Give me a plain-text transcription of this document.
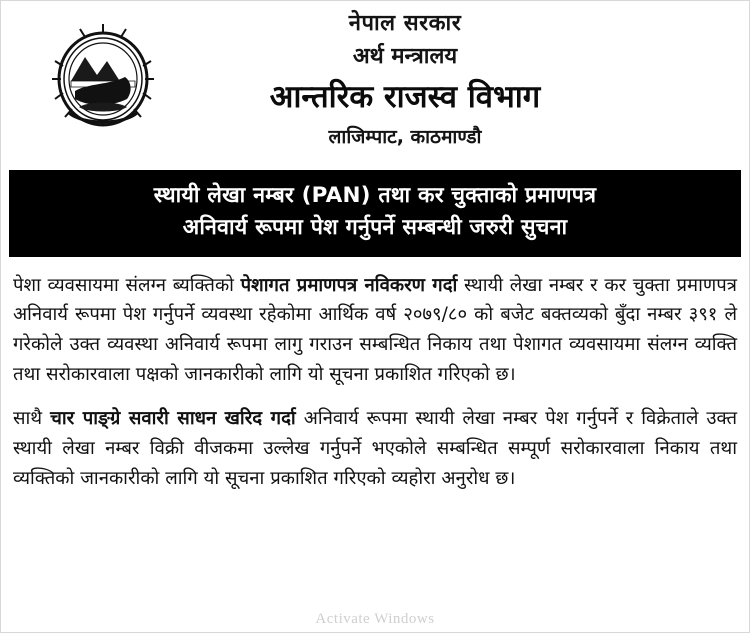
नेपाल सरकार
अर्थ मन्त्रालय
आन्तरिक राजस्व विभाग
लाजिम्पाट, काठमाण्डौ
स्थायी लेखा नम्बर (PAN) तथा कर चुक्ताको प्रमाणपत्र
अनिवार्य रूपमा पेश गर्नुपर्ने सम्बन्धी जरुरी सुचना

पेशा व्यवसायमा संलग्न ब्यक्तिको पेशागत प्रमाणपत्र नविकरण गर्दा स्थायी लेखा नम्बर र कर चुक्ता प्रमाणपत्र अनिवार्य रूपमा पेश गर्नुपर्ने व्यवस्था रहेकोमा आर्थिक वर्ष २०७९/८० को बजेट बक्तव्यको बुँदा नम्बर ३९१ ले गरेकोले उक्त व्यवस्था अनिवार्य रूपमा लागु गराउन सम्बन्धित निकाय तथा पेशागत व्यवसायमा संलग्न व्यक्ति तथा सरोकारवाला पक्षको जानकारीको लागि यो सूचना प्रकाशित गरिएको छ।

साथै चार पाङ्ग्रे सवारी साधन खरिद गर्दा अनिवार्य रूपमा स्थायी लेखा नम्बर पेश गर्नुपर्ने र विक्रेताले उक्त स्थायी लेखा नम्बर विक्री वीजकमा उल्लेख गर्नुपर्ने भएकोले सम्बन्धित सम्पूर्ण सरोकारवाला निकाय तथा व्यक्तिको जानकारीको लागि यो सूचना प्रकाशित गरिएको व्यहोरा अनुरोध छ।

Activate Windows
